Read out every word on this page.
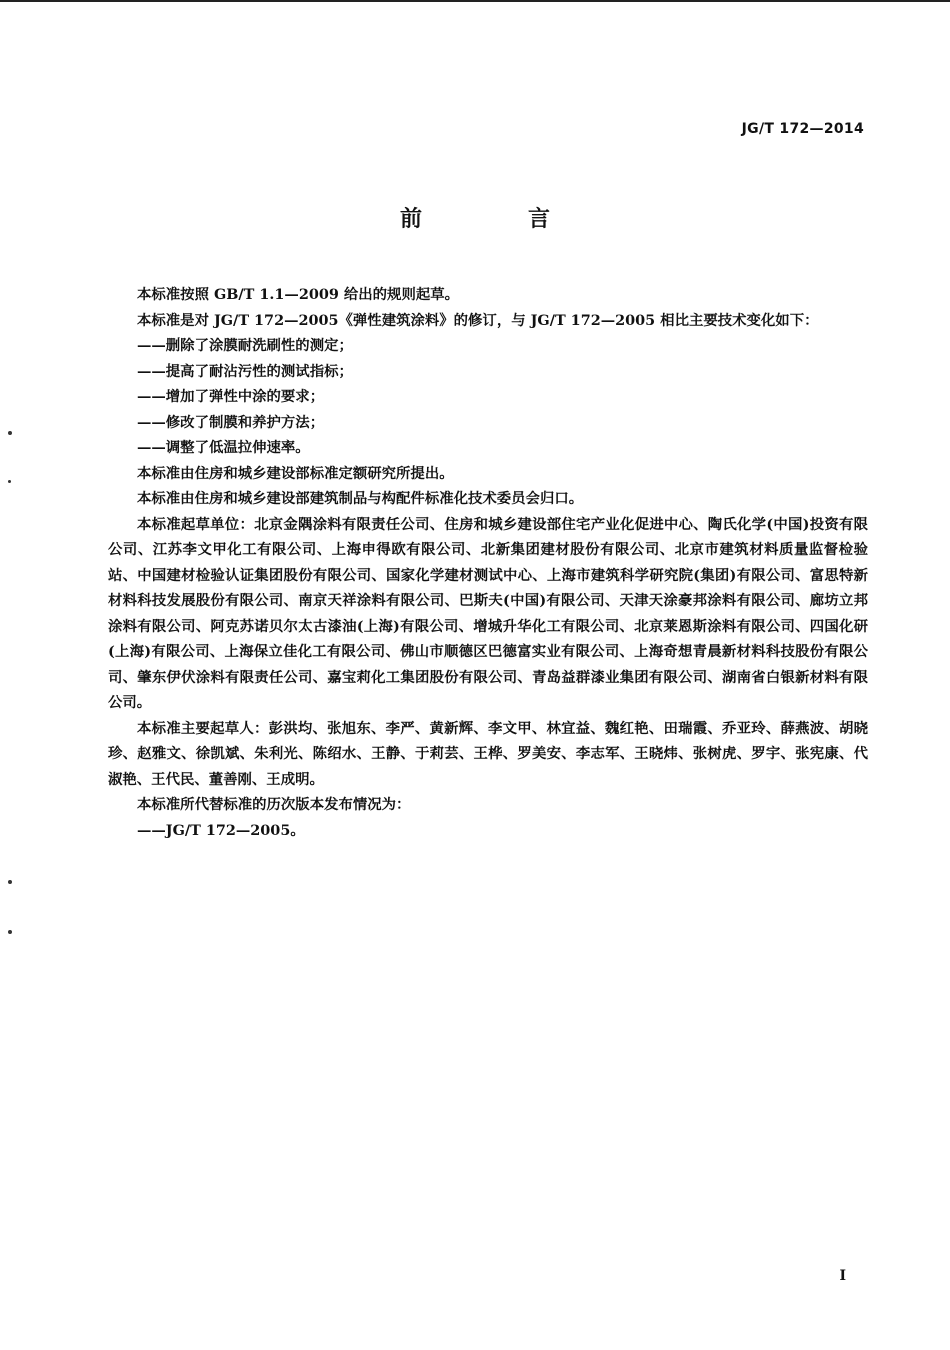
JG/T 172—2014
前　言

本标准按照 GB/T 1.1—2009 给出的规则起草。

本标准是对 JG/T 172—2005《弹性建筑涂料》的修订，与 JG/T 172—2005 相比主要技术变化如下：

——删除了涂膜耐洗刷性的测定；

——提高了耐沾污性的测试指标；

——增加了弹性中涂的要求；

——修改了制膜和养护方法；

——调整了低温拉伸速率。

本标准由住房和城乡建设部标准定额研究所提出。

本标准由住房和城乡建设部建筑制品与构配件标准化技术委员会归口。

本标准起草单位：北京金隅涂料有限责任公司、住房和城乡建设部住宅产业化促进中心、陶氏化学(中国)投资有限公司、江苏李文甲化工有限公司、上海申得欧有限公司、北新集团建材股份有限公司、北京市建筑材料质量监督检验站、中国建材检验认证集团股份有限公司、国家化学建材测试中心、上海市建筑科学研究院(集团)有限公司、富思特新材料科技发展股份有限公司、南京天祥涂料有限公司、巴斯夫(中国)有限公司、天津天涂豪邦涂料有限公司、廊坊立邦涂料有限公司、阿克苏诺贝尔太古漆油(上海)有限公司、增城升华化工有限公司、北京莱恩斯涂料有限公司、四国化研(上海)有限公司、上海保立佳化工有限公司、佛山市顺德区巴德富实业有限公司、上海奇想青晨新材料科技股份有限公司、肇东伊伏涂料有限责任公司、嘉宝莉化工集团股份有限公司、青岛益群漆业集团有限公司、湖南省白银新材料有限公司。

本标准主要起草人：彭洪均、张旭东、李严、黄新辉、李文甲、林宜益、魏红艳、田瑞霞、乔亚玲、薛燕波、胡晓珍、赵雅文、徐凯斌、朱利光、陈绍水、王静、于莉芸、王桦、罗美安、李志军、王晓炜、张树虎、罗宇、张宪康、代淑艳、王代民、董善刚、王成明。

本标准所代替标准的历次版本发布情况为：

——JG/T 172—2005。

I
